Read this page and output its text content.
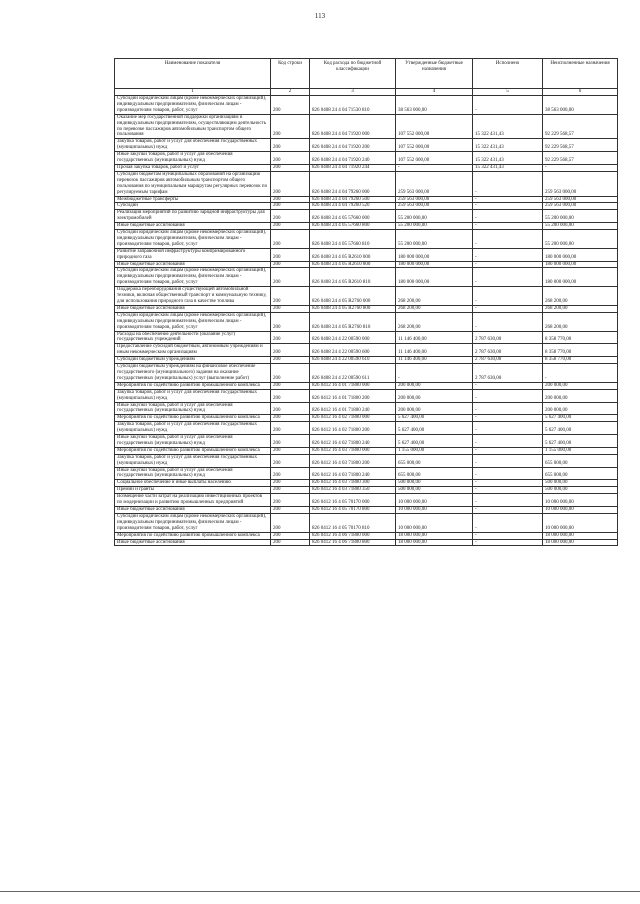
113
Наименование показателя	Код строки	Код расхода по бюджетной классификации	Утвержденные бюджетные назначения	Исполнено	Неисполненные назначения
1	2	3	4	5	6
Субсидии юридическим лицам (кроме некоммерческих организаций), индивидуальным предпринимателям, физическим лицам - производителям товаров, работ, услуг	200	826 0408 24 4 04 71530 810	38 563 000,00	-	38 563 000,00
Оказание мер государственной поддержки организациям и индивидуальным предпринимателям, осуществляющим деятельность по перевозке пассажиров автомобильным транспортом общего пользования	200	826 0408 24 4 04 71920 000	107 552 000,00	15 322 431,43	92 229 568,57
Закупка товаров, работ и услуг для обеспечения государственных (муниципальных) нужд	200	826 0408 24 4 04 71920 200	107 552 000,00	15 322 431,43	92 229 568,57
Иные закупки товаров, работ и услуг для обеспечения государственных (муниципальных) нужд	200	826 0408 24 4 04 71920 240	107 552 000,00	15 322 431,43	92 229 568,57
Прочая закупка товаров, работ и услуг	200	826 0408 24 4 04 71920 244	-	15 322 431,43	-
Субсидии бюджетам муниципальных образований на организацию перевозок пассажиров автомобильным транспортом общего пользования по муниципальным маршрутам регулярных перевозок по регулируемым тарифам	200	826 0408 24 4 04 79260 000	259 563 000,00	-	259 563 000,00
Межбюджетные трансферты	200	826 0408 24 4 04 79260 500	259 563 000,00	-	259 563 000,00
Субсидии	200	826 0408 24 4 04 79260 520	259 563 000,00	-	259 563 000,00
Реализация мероприятий по развитию зарядной инфраструктуры для электромобилей	200	826 0408 24 4 05 57660 000	55 200 000,00	-	55 200 000,00
Иные бюджетные ассигнования	200	826 0408 24 4 05 57660 800	55 200 000,00	-	55 200 000,00
Субсидии юридическим лицам (кроме некоммерческих организаций), индивидуальным предпринимателям, физическим лицам - производителям товаров, работ, услуг	200	826 0408 24 4 05 57660 810	55 200 000,00	-	55 200 000,00
Развитие заправочной инфраструктуры компримированного природного газа	200	826 0408 24 4 05 R2610 000	180 000 000,00	-	180 000 000,00
Иные бюджетные ассигнования	200	826 0408 24 4 05 R2610 800	180 000 000,00	-	180 000 000,00
Субсидии юридическим лицам (кроме некоммерческих организаций), индивидуальным предпринимателям, физическим лицам - производителям товаров, работ, услуг	200	826 0408 24 4 05 R2610 810	180 000 000,00	-	180 000 000,00
Поддержка переоборудования существующей автомобильной техники, включая общественный транспорт и коммунальную технику, для использования природного газа в качестве топлива	200	826 0408 24 4 05 R2760 000	268 200,00	-	268 200,00
Иные бюджетные ассигнования	200	826 0408 24 4 05 R2760 800	268 200,00	-	268 200,00
Субсидии юридическим лицам (кроме некоммерческих организаций), индивидуальным предпринимателям, физическим лицам - производителям товаров, работ, услуг	200	826 0408 24 4 05 R2760 810	268 200,00	-	268 200,00
Расходы на обеспечение деятельности (оказание услуг) государственных учреждений	200	826 0408 24 4 22 00590 000	11 146 400,00	2 787 630,00	8 358 770,00
Предоставление субсидий бюджетным, автономным учреждениям и иным некоммерческим организациям	200	826 0408 24 4 22 00590 600	11 146 400,00	2 787 630,00	8 358 770,00
Субсидии бюджетным учреждениям	200	826 0408 24 4 22 00590 610	11 146 400,00	2 787 630,00	8 358 770,00
Субсидии бюджетным учреждениям на финансовое обеспечение государственного (муниципального) задания на оказание государственных (муниципальных) услуг (выполнение работ)	200	826 0408 24 4 22 00590 611	-	2 787 630,00	-
Мероприятия по содействию развитию промышленного комплекса	200	826 0412 16 4 01 71800 000	200 000,00	-	200 000,00
Закупка товаров, работ и услуг для обеспечения государственных (муниципальных) нужд	200	826 0412 16 4 01 71800 200	200 000,00	-	200 000,00
Иные закупки товаров, работ и услуг для обеспечения государственных (муниципальных) нужд	200	826 0412 16 4 01 71800 240	200 000,00	-	200 000,00
Мероприятия по содействию развитию промышленного комплекса	200	826 0412 16 4 02 71800 000	5 627 400,00	-	5 627 400,00
Закупка товаров, работ и услуг для обеспечения государственных (муниципальных) нужд	200	826 0412 16 4 02 71800 200	5 627 400,00	-	5 627 400,00
Иные закупки товаров, работ и услуг для обеспечения государственных (муниципальных) нужд	200	826 0412 16 4 02 71800 240	5 627 400,00	-	5 627 400,00
Мероприятия по содействию развитию промышленного комплекса	200	826 0412 16 4 03 71800 000	1 155 000,00	-	1 155 000,00
Закупка товаров, работ и услуг для обеспечения государственных (муниципальных) нужд	200	826 0412 16 4 03 71800 200	655 000,00	-	655 000,00
Иные закупки товаров, работ и услуг для обеспечения государственных (муниципальных) нужд	200	826 0412 16 4 03 71800 240	655 000,00	-	655 000,00
Социальное обеспечение и иные выплаты населению	200	826 0412 16 4 03 71800 300	500 000,00	-	500 000,00
Премии и гранты	200	826 0412 16 4 03 71800 350	500 000,00	-	500 000,00
Возмещение части затрат на реализацию инвестиционных проектов по модернизации и развитию промышленных предприятий	200	826 0412 16 4 05 70170 000	10 000 000,00	-	10 000 000,00
Иные бюджетные ассигнования	200	826 0412 16 4 05 70170 800	10 000 000,00	-	10 000 000,00
Субсидии юридическим лицам (кроме некоммерческих организаций), индивидуальным предпринимателям, физическим лицам - производителям товаров, работ, услуг	200	826 0412 16 4 05 70170 810	10 000 000,00	-	10 000 000,00
Мероприятия по содействию развитию промышленного комплекса	200	826 0412 16 4 06 71800 000	18 000 000,00	-	18 000 000,00
Иные бюджетные ассигнования	200	826 0412 16 4 06 71800 800	18 000 000,00	-	18 000 000,00
